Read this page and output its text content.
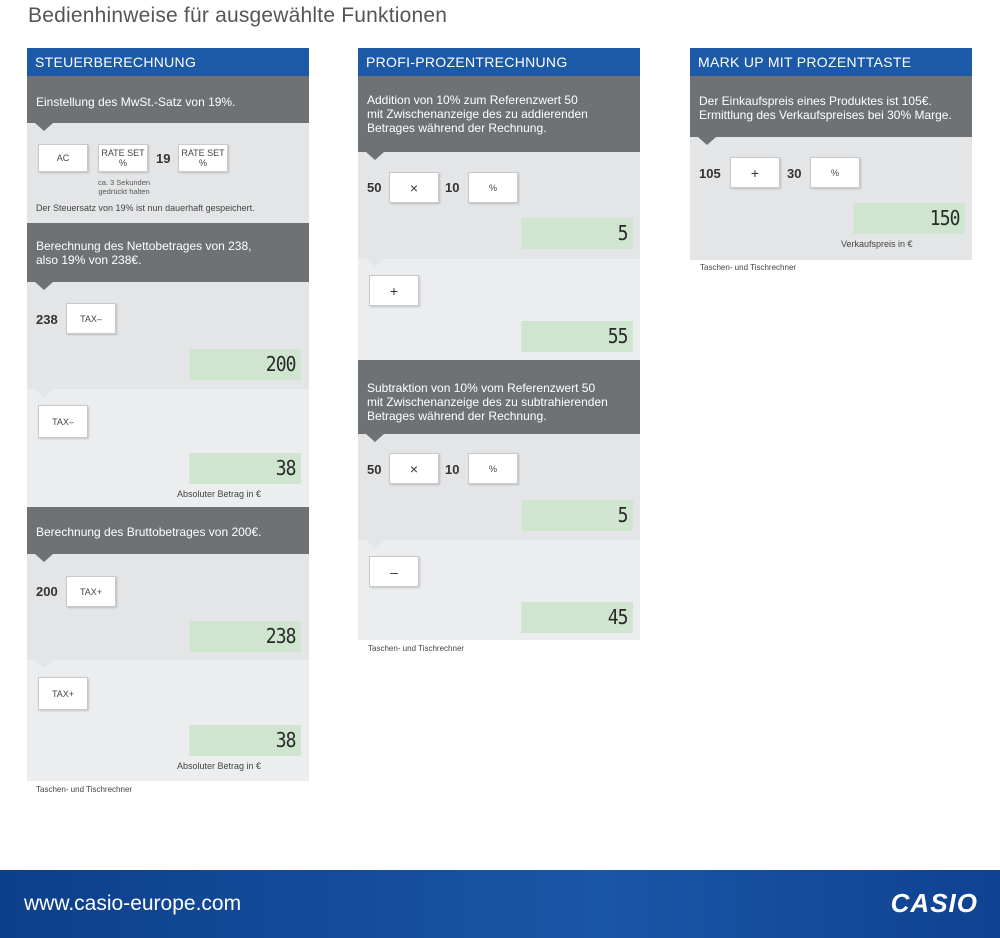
Bedienhinweise für ausgewählte Funktionen
STEUERBERECHNUNG
Einstellung des MwSt.-Satz von 19%.
AC	RATE SET
% 19 RATE SET
%
ca. 3 Sekunden
gedrückt halten
Der Steuersatz von 19% ist nun dauerhaft gespeichert.
Berechnung des Nettobetrages von 238,
also 19% von 238€.
238 TAX–
200
TAX–
38
Absoluter Betrag in €
Berechnung des Bruttobetrages von 200€.
200 TAX+
238
TAX+
38
Absoluter Betrag in €
Taschen- und Tischrechner
PROFI-PROZENTRECHNUNG
Addition von 10% zum Referenzwert 50
mit Zwischenanzeige des zu addierenden
Betrages während der Rechnung.
50 × 10	%
5
+
55
Subtraktion von 10% vom Referenzwert 50
mit Zwischenanzeige des zu subtrahierenden
Betrages während der Rechnung.
50 × 10	%
5
–
45
Taschen- und Tischrechner
MARK UP MIT PROZENTTASTE
Der Einkaufspreis eines Produktes ist 105€.
Ermittlung des Verkaufspreises bei 30% Marge.
105 + 30	%
150
Verkaufspreis in €
Taschen- und Tischrechner
www.casio-europe.com	CASIO
